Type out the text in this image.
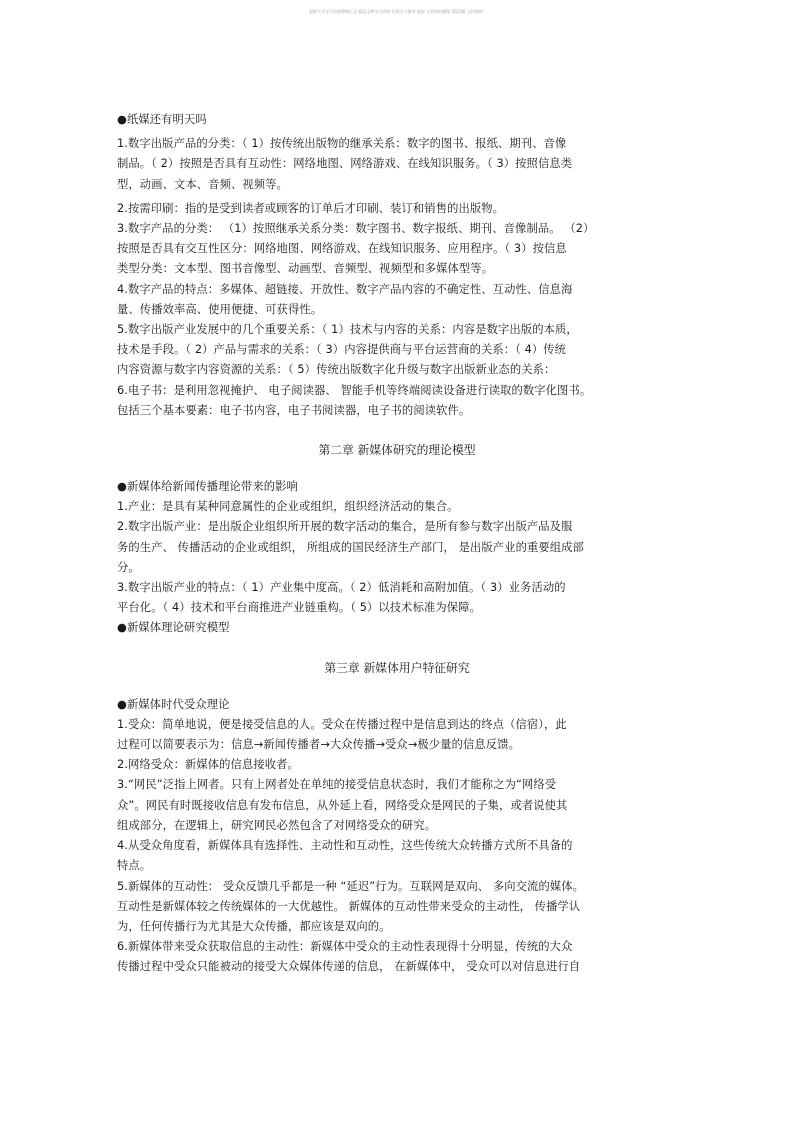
最新大学学习资源整理汇总 精品文库学习资料 仅供学习参考 版权 文档资料整理 2023版 文档资料
●纸媒还有明天吗
1.数字出版产品的分类：（ 1）按传统出版物的继承关系：数字的图书、报纸、期刊、音像
制品。（ 2）按照是否具有互动性：网络地图、网络游戏、在线知识服务。（ 3）按照信息类
型，动画、文本、音频、视频等。
2.按需印刷：指的是受到读者或顾客的订单后才印刷、装订和销售的出版物。
3.数字产品的分类： （1）按照继承关系分类：数字图书、数字报纸、期刊、音像制品。 （2）
按照是否具有交互性区分：网络地图、网络游戏、在线知识服务、应用程序。（ 3）按信息
类型分类：文本型、图书音像型、动画型、音频型、视频型和多媒体型等。
4.数字产品的特点：多媒体、超链接、开放性、数字产品内容的不确定性、互动性、信息海
量、传播效率高、使用便捷、可获得性。
5.数字出版产业发展中的几个重要关系：（ 1）技术与内容的关系：内容是数字出版的本质，
技术是手段。（ 2）产品与需求的关系：（ 3）内容提供商与平台运营商的关系：（ 4）传统
内容资源与数字内容资源的关系：（ 5）传统出版数字化升级与数字出版新业态的关系：
6.电子书：是利用忽视掩护、 电子阅读器、 智能手机等终端阅读设备进行读取的数字化图书。
包括三个基本要素：电子书内容，电子书阅读器，电子书的阅读软件。
第二章 新媒体研究的理论模型
●新媒体给新闻传播理论带来的影响
1.产业：是具有某种同意属性的企业或组织，组织经济活动的集合。
2.数字出版产业：是出版企业组织所开展的数字活动的集合，是所有参与数字出版产品及服
务的生产、 传播活动的企业或组织， 所组成的国民经济生产部门， 是出版产业的重要组成部
分。
3.数字出版产业的特点：（ 1）产业集中度高。（ 2）低消耗和高附加值。（ 3）业务活动的
平台化。（ 4）技术和平台商推进产业链重构。（ 5）以技术标准为保障。
●新媒体理论研究模型
第三章 新媒体用户特征研究
●新媒体时代受众理论
1.受众：简单地说，便是接受信息的人。受众在传播过程中是信息到达的终点（信宿），此
过程可以简要表示为：信息→新闻传播者→大众传播→受众→极少量的信息反馈。
2.网络受众：新媒体的信息接收者。
3.“网民”泛指上网者。只有上网者处在单纯的接受信息状态时，我们才能称之为“网络受
众”。网民有时既接收信息有发布信息，从外延上看，网络受众是网民的子集，或者说使其
组成部分，在逻辑上，研究网民必然包含了对网络受众的研究。
4.从受众角度看，新媒体具有选择性、主动性和互动性，这些传统大众转播方式所不具备的
特点。
5.新媒体的互动性： 受众反馈几乎都是一种 “延迟”行为。互联网是双向、 多向交流的媒体。
互动性是新媒体较之传统媒体的一大优越性。 新媒体的互动性带来受众的主动性， 传播学认
为，任何传播行为尤其是大众传播，都应该是双向的。
6.新媒体带来受众获取信息的主动性：新媒体中受众的主动性表现得十分明显，传统的大众
传播过程中受众只能被动的接受大众媒体传递的信息， 在新媒体中， 受众可以对信息进行自
